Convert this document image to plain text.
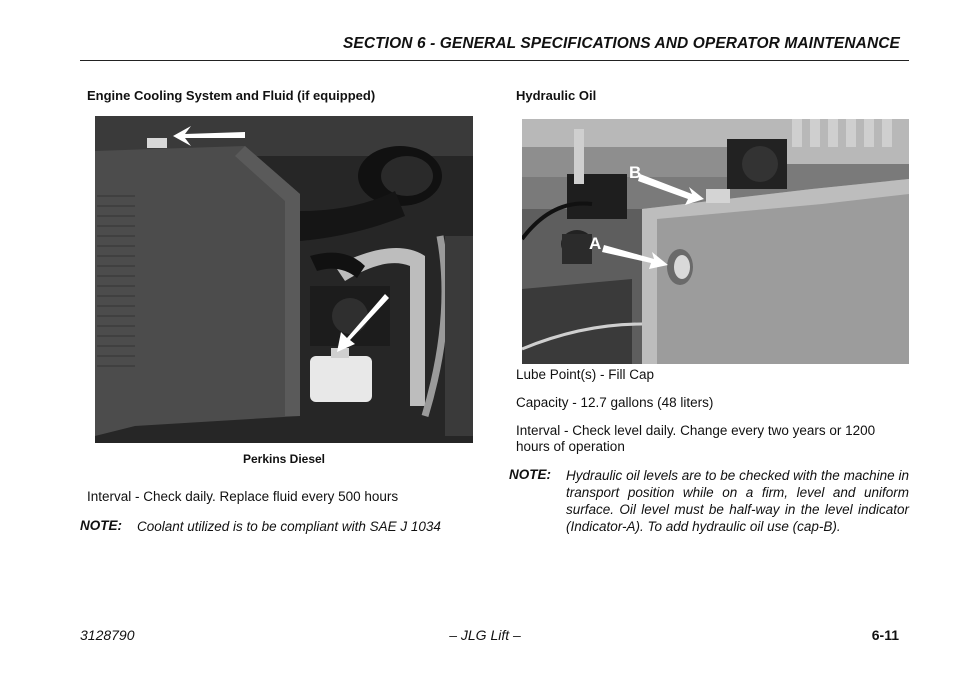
SECTION 6 - GENERAL SPECIFICATIONS AND OPERATOR MAINTENANCE
Engine Cooling System and Fluid (if equipped)
Perkins Diesel
Interval - Check daily. Replace fluid every 500 hours
NOTE: Coolant utilized is to be compliant with SAE J 1034
Hydraulic Oil
B
A
Lube Point(s) - Fill Cap
Capacity - 12.7 gallons (48 liters)
Interval - Check level daily. Change every two years or 1200
hours of operation
NOTE: Hydraulic oil levels are to be checked with the machine in transport position while on a firm, level and uniform surface. Oil level must be half-way in the level indicator (Indicator-A). To add hydraulic oil use (cap-B).
3128790	– JLG Lift –	6-11
